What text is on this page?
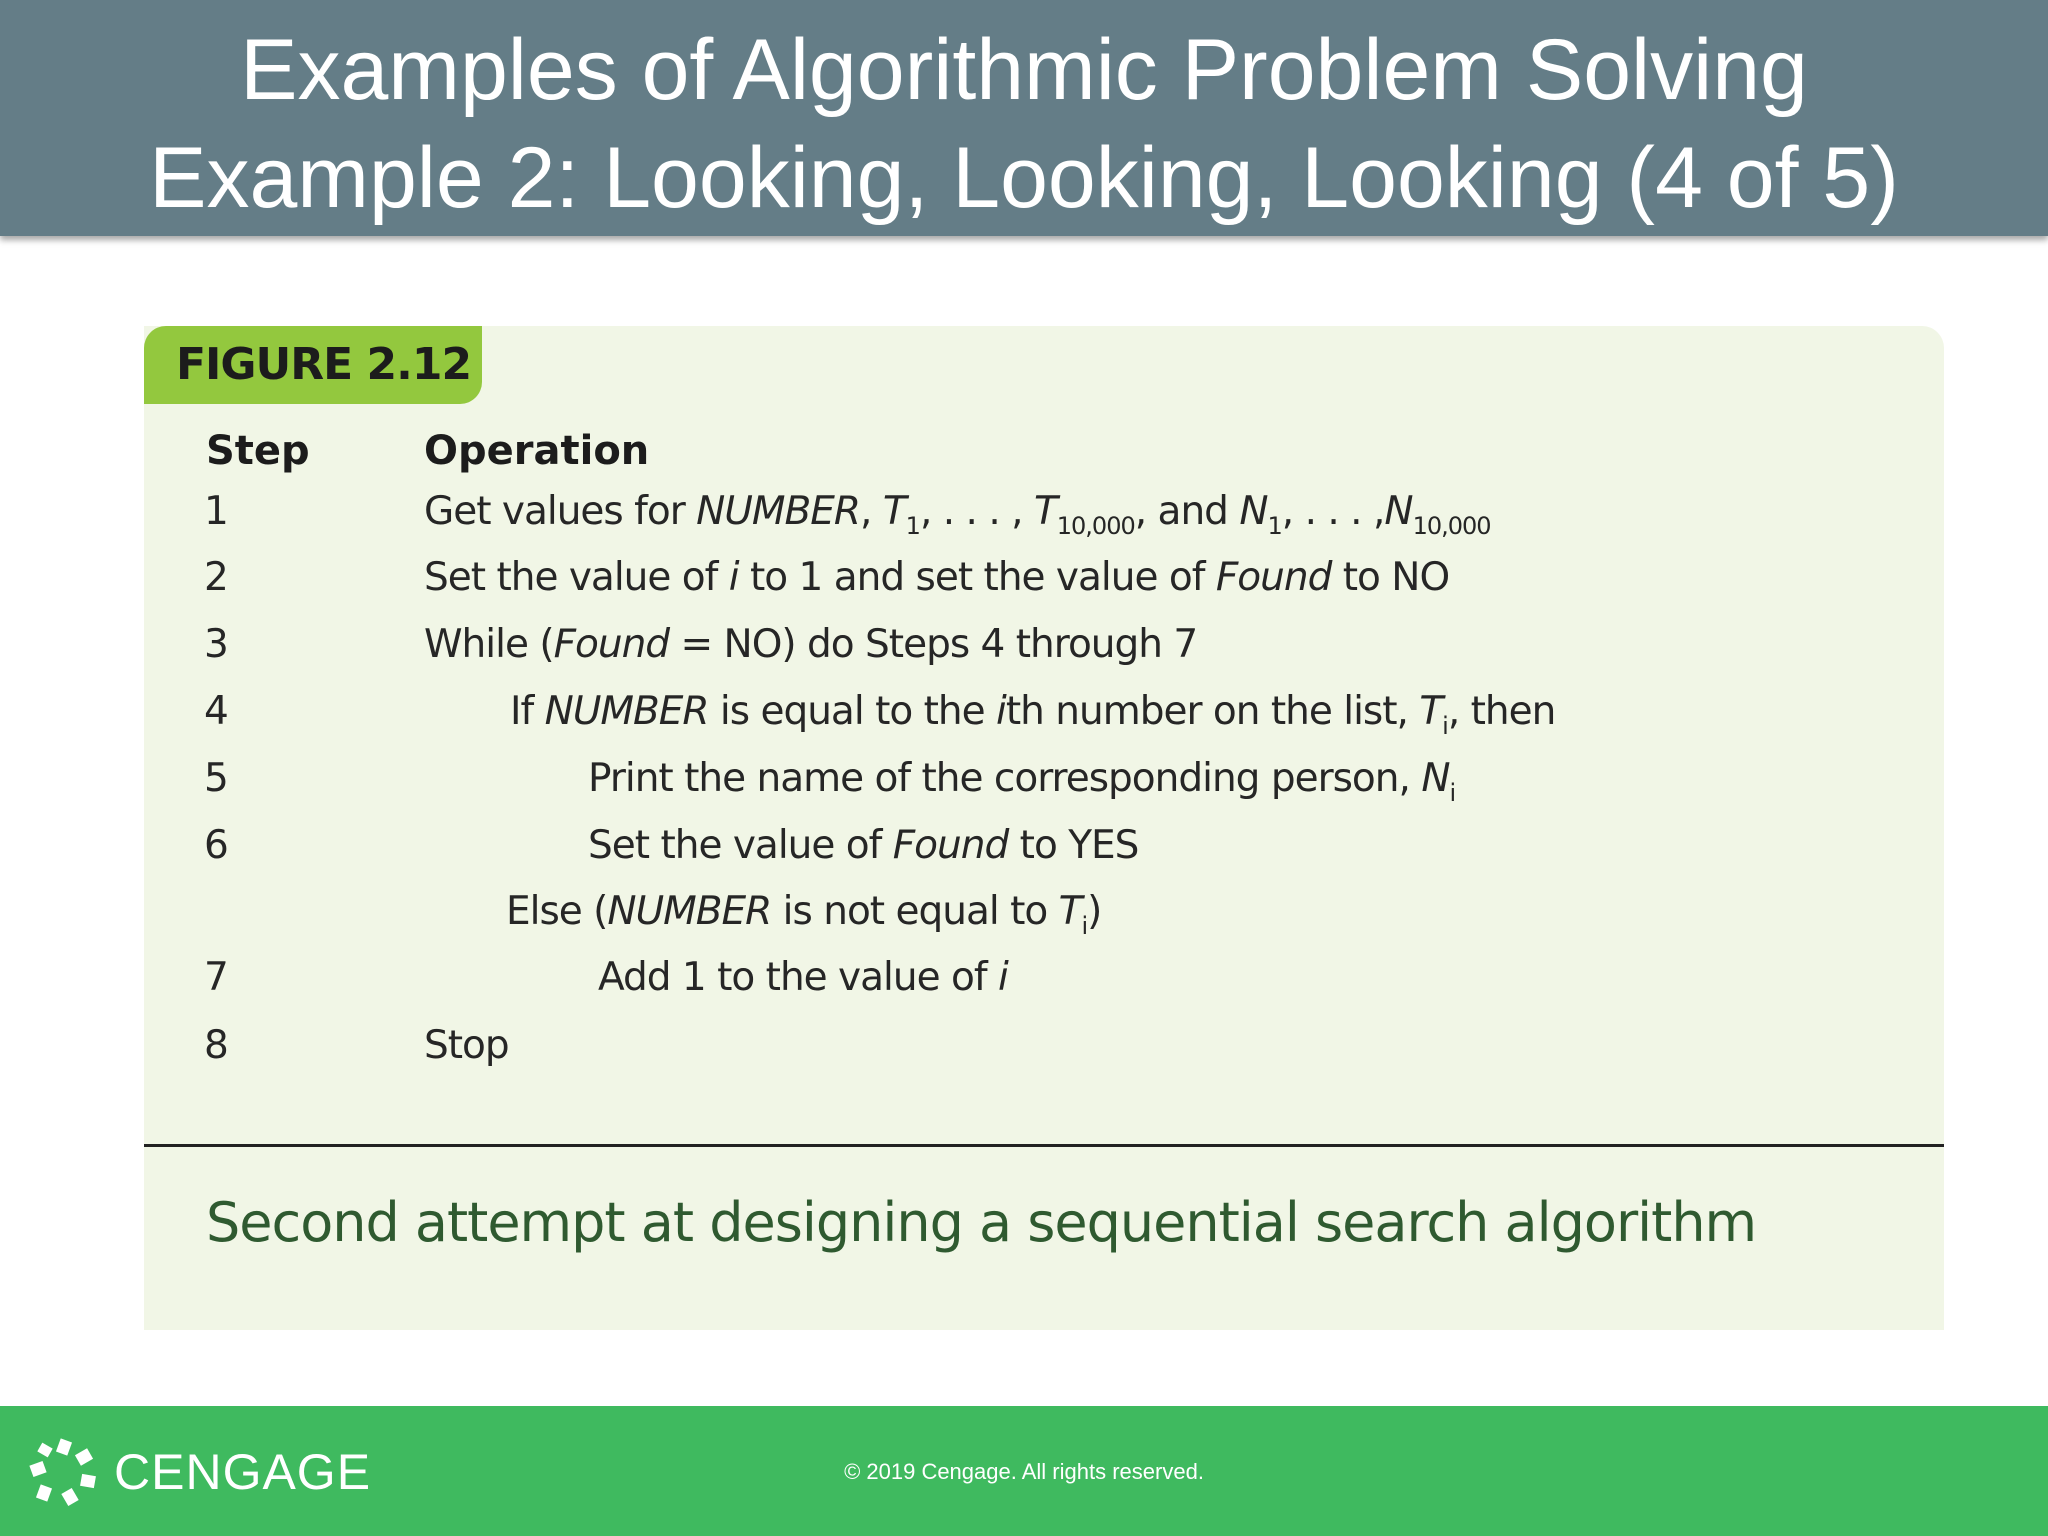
Examples of Algorithmic Problem Solving
Example 2: Looking, Looking, Looking (4 of 5)
FIGURE 2.12
Step	Operation
1	Get values for NUMBER, $T_1$, . . . , $T_{10,000}$, and $N_1$, . . . $,N_{10,000}$
2	Set the value of i to 1 and set the value of Found to NO
3	While (Found = NO) do Steps 4 through 7
4	If NUMBER is equal to the ith number on the list, $T_i$, then
5	Print the name of the corresponding person, $N_i$
6	Set the value of Found to YES
Else (NUMBER is not equal to $T_i$)
7	Add 1 to the value of i
8	Stop
Second attempt at designing a sequential search algorithm
CENGAGE	© 2019 Cengage. All rights reserved.
